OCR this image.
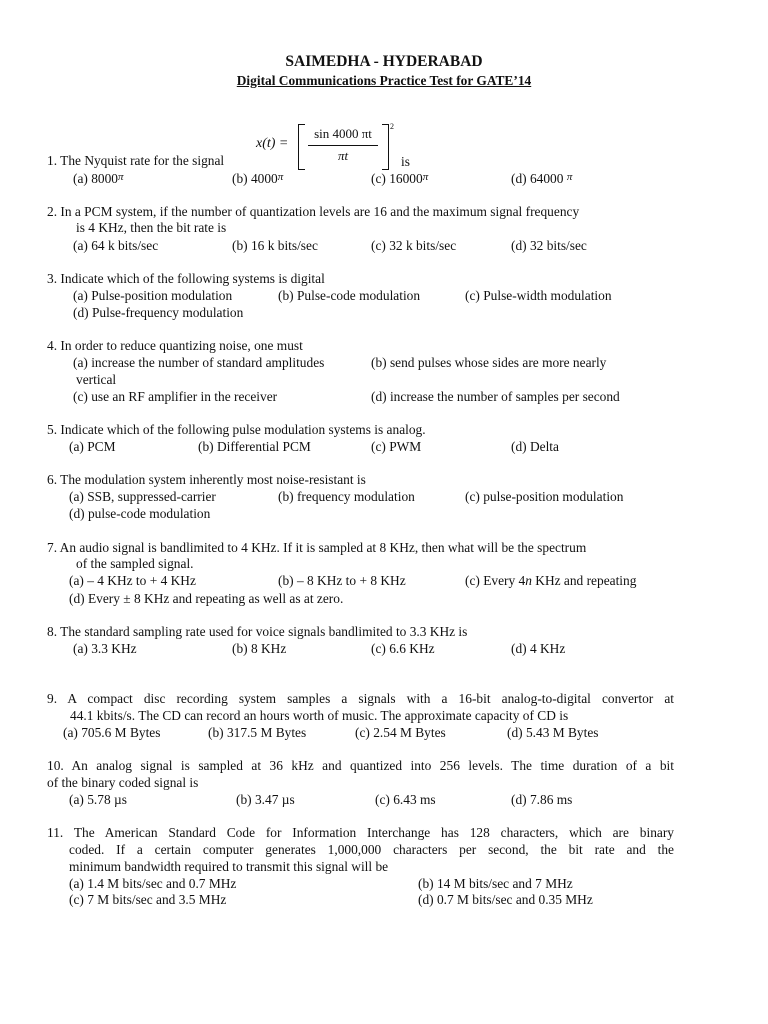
SAIMEDHA - HYDERABAD
Digital Communications Practice Test for GATE’14
x(t) =
sin 4000 πt
πt
2
1. The Nyquist rate for the signal	is
(a) $8000^\pi$	(b) $4000^\pi$	(c) $16000^\pi$	(d) 64000 $^\pi$
2. In a PCM system, if the number of quantization levels are 16 and the maximum signal frequency
is 4 KHz, then the bit rate is
(a) 64 k bits/sec	(b) 16 k bits/sec	(c) 32 k bits/sec	(d) 32 bits/sec
3. Indicate which of the following systems is digital
(a) Pulse-position modulation	(b) Pulse-code modulation	(c) Pulse-width modulation
(d) Pulse-frequency modulation
4. In order to reduce quantizing noise, one must
(a) increase the number of standard amplitudes	(b) send pulses whose sides are more nearly
vertical
(c) use an RF amplifier in the receiver	(d) increase the number of samples per second
5. Indicate which of the following pulse modulation systems is analog.
(a) PCM	(b) Differential PCM	(c) PWM	(d) Delta
6. The modulation system inherently most noise-resistant is
(a) SSB, suppressed-carrier	(b) frequency modulation	(c) pulse-position modulation
(d) pulse-code modulation
7. An audio signal is bandlimited to 4 KHz. If it is sampled at 8 KHz, then what will be the spectrum
of the sampled signal.
(a) – 4 KHz to + 4 KHz	(b) – 8 KHz to + 8 KHz	(c) Every 4n KHz and repeating
(d) Every ± 8 KHz and repeating as well as at zero.
8. The standard sampling rate used for voice signals bandlimited to 3.3 KHz is
(a) 3.3 KHz	(b) 8 KHz	(c) 6.6 KHz	(d) 4 KHz
9. A compact disc recording system samples a signals with a 16-bit analog-to-digital convertor at
44.1 kbits/s. The CD can record an hours worth of music. The approximate capacity of CD is
(a) 705.6 M Bytes	(b) 317.5 M Bytes	(c) 2.54 M Bytes	(d) 5.43 M Bytes
10. An analog signal is sampled at 36 kHz and quantized into 256 levels. The time duration of a bit
of the binary coded signal is
(a) 5.78 µs	(b) 3.47 µs	(c) 6.43 ms	(d) 7.86 ms
11. The American Standard Code for Information Interchange has 128 characters, which are binary
coded. If a certain computer generates 1,000,000 characters per second, the bit rate and the
minimum bandwidth required to transmit this signal will be
(a) 1.4 M bits/sec and 0.7 MHz	(b) 14 M bits/sec and 7 MHz
(c) 7 M bits/sec and 3.5 MHz	(d) 0.7 M bits/sec and 0.35 MHz
